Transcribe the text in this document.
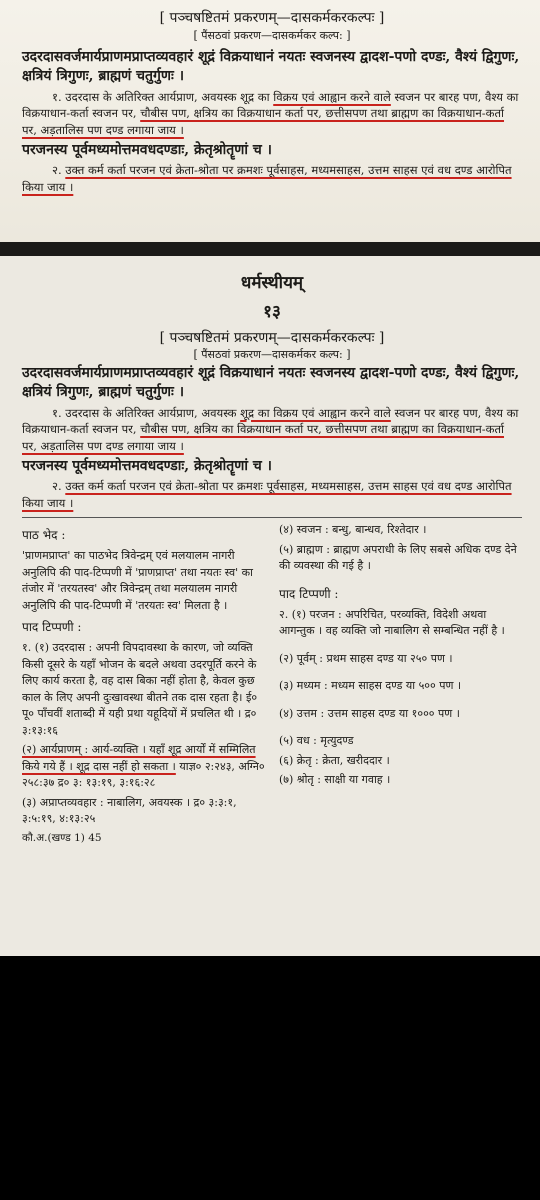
[ पञ्चषष्टितमं प्रकरणम्—दासकर्मकरकल्पः ]

[ पैंसठवां प्रकरण—दासकर्मकर कल्प: ]

उदरदासवर्जमार्यप्राणमप्राप्तव्यवहारं शूद्रं विक्रयाधानं नयतः स्वजनस्य द्वादश-पणो दण्डः, वैश्यं द्विगुणः, क्षत्रियं त्रिगुणः, ब्राह्मणं चतुर्गुणः ।

१. उदरदास के अतिरिक्त आर्यप्राण, अवयस्क शूद्र का विक्रय एवं आह्वान करने वाले स्वजन पर बारह पण, वैश्य का विक्रयाधान-कर्ता स्वजन पर, चौबीस पण, क्षत्रिय का विक्रयाधान कर्ता पर, छत्तीसपण तथा ब्राह्मण का विक्रयाधान-कर्ता पर, अड़तालिस पण दण्ड लगाया जाय ।

परजनस्य पूर्वमध्यमोत्तमवधदण्डाः, क्रेतृश्रोतॄणां च ।

२. उक्त कर्म कर्ता परजन एवं क्रेता-श्रोता पर क्रमशः पूर्वसाहस, मध्यमसाहस, उत्तम साहस एवं वध दण्ड आरोपित किया जाय ।

धर्मस्थीयम्

१३

[ पञ्चषष्टितमं प्रकरणम्—दासकर्मकरकल्पः ]

[ पैंसठवां प्रकरण—दासकर्मकर कल्प: ]

उदरदासवर्जमार्यप्राणमप्राप्तव्यवहारं शूद्रं विक्रयाधानं नयतः स्वजनस्य द्वादश-पणो दण्डः, वैश्यं द्विगुणः, क्षत्रियं त्रिगुणः, ब्राह्मणं चतुर्गुणः ।

१. उदरदास के अतिरिक्त आर्यप्राण, अवयस्क शूद्र का विक्रय एवं आह्वान करने वाले स्वजन पर बारह पण, वैश्य का विक्रयाधान-कर्ता स्वजन पर, चौबीस पण, क्षत्रिय का विक्रयाधान कर्ता पर, छत्तीसपण तथा ब्राह्मण का विक्रयाधान-कर्ता पर, अड़तालिस पण दण्ड लगाया जाय ।

परजनस्य पूर्वमध्यमोत्तमवधदण्डाः, क्रेतृश्रोतॄणां च ।

२. उक्त कर्म कर्ता परजन एवं क्रेता-श्रोता पर क्रमशः पूर्वसाहस, मध्यमसाहस, उत्तम साहस एवं वध दण्ड आरोपित किया जाय ।

पाठ भेद :

'प्राणमप्राप्त' का पाठभेद त्रिवेन्द्रम् एवं मलयालम नागरी अनुलिपि की पाद-टिप्पणी में 'प्राणप्राप्त' तथा नयतः स्व' का तंजोर में 'तरयतस्व' और त्रिवेन्द्रम् तथा मलयालम नागरी अनुलिपि की पाद-टिप्पणी में 'तरयतः स्व' मिलता है ।

पाद टिप्पणी :

१. (१) उदरदास : अपनी विपदावस्था के कारण, जो व्यक्ति किसी दूसरे के यहाँ भोजन के बदले अथवा उदरपूर्ति करने के लिए कार्य करता है, वह दास बिका नहीं होता है, केवल कुछ काल के लिए अपनी दुःखावस्था बीतने तक दास रहता है। ई० पू० पाँचवीं शताब्दी में यही प्रथा यहूदियों में प्रचलित थी । द्र० ३:१३:१६

(२) आर्यप्राणम् : आर्य-व्यक्ति । यहाँ शूद्र आर्यों में सम्मिलित किये गये हैं । शूद्र दास नहीं हो सकता । याज्ञ० २:२४३, अग्नि० २५८:३७ द्र० ३: १३:१९, ३:१६:२८

(३) अप्राप्तव्यवहार : नाबालिग, अवयस्क । द्र० ३:३:१, ३:५:१९, ४:१३:२५

कौ.अ.(खण्ड 1) 45

(४) स्वजन : बन्धु, बान्धव, रिश्तेदार ।

(५) ब्राह्मण : ब्राह्मण अपराधी के लिए सबसे अधिक दण्ड देने की व्यवस्था की गई है ।

पाद टिप्पणी :

२. (१) परजन : अपरिचित, परव्यक्ति, विदेशी अथवा आगन्तुक । वह व्यक्ति जो नाबालिग से सम्बन्धित नहीं है ।

(२) पूर्वम् : प्रथम साहस दण्ड या २५० पण ।

(३) मध्यम : मध्यम साहस दण्ड या ५०० पण ।

(४) उत्तम : उत्तम साहस दण्ड या १००० पण ।

(५) वध : मृत्युदण्ड

(६) क्रेतृ : क्रेता, खरीददार ।

(७) श्रोतृ : साक्षी या गवाह ।
